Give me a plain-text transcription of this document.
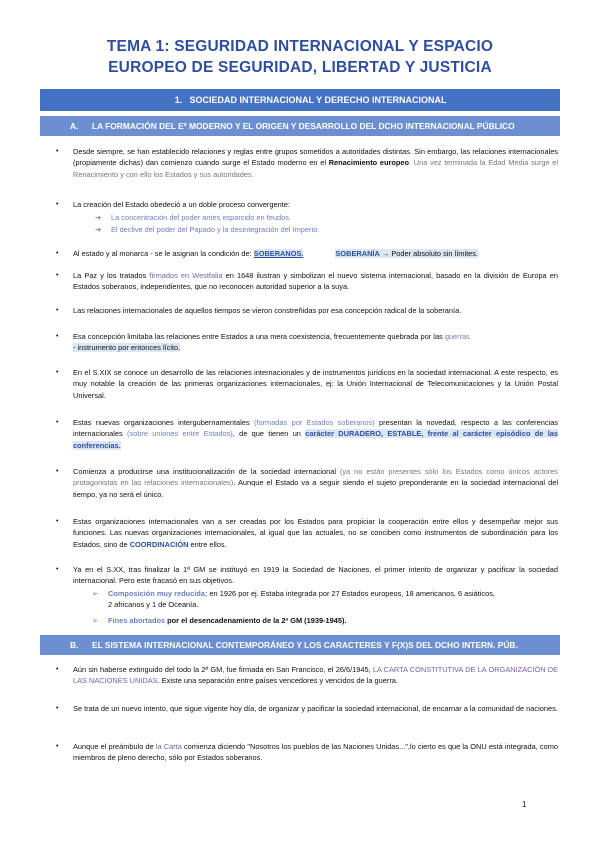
TEMA 1: SEGURIDAD INTERNACIONAL Y ESPACIO
EUROPEO DE SEGURIDAD, LIBERTAD Y JUSTICIA
1. SOCIEDAD INTERNACIONAL Y DERECHO INTERNACIONAL
A. LA FORMACIÓN DEL Eº MODERNO Y EL ORIGEN Y DESARROLLO DEL DCHO INTERNACIONAL PÚBLICO
• Desde siempre, se han establecido relaciones y reglas entre grupos sometidos a autoridades distintas. Sin embargo, las relaciones internacionales (propiamente dichas) dan comienzo cuando surge el Estado moderno en el Renacimiento europeo. Una vez terminada la Edad Media surge el Renacimiento y con ello los Estados y sus autoridades.
• La creación del Estado obedeció a un doble proceso convergente:
➔ La concentración del poder antes esparcido en feudos.
➔ El declive del poder del Papado y la desintegración del Imperio.
• Al estado y al monarca - se le asignan la condición de: SOBERANOS.	SOBERANÍA → Poder absoluto sin límites.
• La Paz y los tratados firmados en Westfalia en 1648 ilustran y simbolizan el nuevo sistema internacional, basado en la división de Europa en Estados soberanos, independientes, que no reconocen autoridad superior a la suya.
• Las relaciones internacionales de aquellos tiempos se vieron constreñidas por esa concepción radical de la soberanía.
• Esa concepción limitaba las relaciones entre Estados a una mera coexistencia, frecuentemente quebrada por las guerras
- instrumento por entonces lícito.
• En el S.XIX se conoce un desarrollo de las relaciones internacionales y de instrumentos jurídicos en la sociedad internacional. A este respecto, es muy notable la creación de las primeras organizaciones internacionales, ej: la Unión Internacional de Telecomunicaciones y la Unión Postal Universal.
• Estas nuevas organizaciones intergubernamentales (formadas por Estados soberanos) presentan la novedad, respecto a las conferencias internacionales (sobre uniones entre Estados), de que tienen un carácter DURADERO, ESTABLE, frente al carácter episódico de las conferencias.
• Comienza a producirse una institucionalización de la sociedad internacional (ya no están presentes sólo los Estados como únicos actores protagonistas en las relaciones internacionales). Aunque el Estado va a seguir siendo el sujeto preponderante en la sociedad internacional del tiempo, ya no será el único.
• Estas organizaciones internacionales van a ser creadas por los Estados para propiciar la cooperación entre ellos y desempeñar mejor sus funciones. Las nuevas organizaciones internacionales, al igual que las actuales, no se conciben como instrumentos de subordinación para los Estados, sino de COORDINACIÓN entre ellos.
• Ya en el S.XX, tras finalizar la 1ª GM se instituyó en 1919 la Sociedad de Naciones, el primer intento de organizar y pacificar la sociedad internacional. Pero este fracasó en sus objetivos.
➢ Composición muy reducida; en 1926 por ej. Estaba integrada por 27 Estados europeos, 18 americanos, 6 asiáticos,
2 africanos y 1 de Oceanía.
➢ Fines abortados por el desencadenamiento de la 2ª GM (1939-1945).
B. EL SISTEMA INTERNACIONAL CONTEMPORÁNEO Y LOS CARACTERES Y F(X)S DEL DCHO INTERN. PÚB.
• Aún sin haberse extinguido del todo la 2ª GM, fue firmada en San Francisco, el 26/6/1945, LA CARTA CONSTITUTIVA DE LA ORGANIZACIÓN DE LAS NACIONES UNIDAS. Existe una separación entre países vencedores y vencidos de la guerra.
• Se trata de un nuevo intento, que sigue vigente hoy día, de organizar y pacificar la sociedad internacional, de encarnar a la comunidad de naciones.
• Aunque el preámbulo de la Carta comienza diciendo "Nosotros los pueblos de las Naciones Unidas...",lo cierto es que la ONU está integrada, como miembros de pleno derecho, sólo por Estados soberanos.
1
